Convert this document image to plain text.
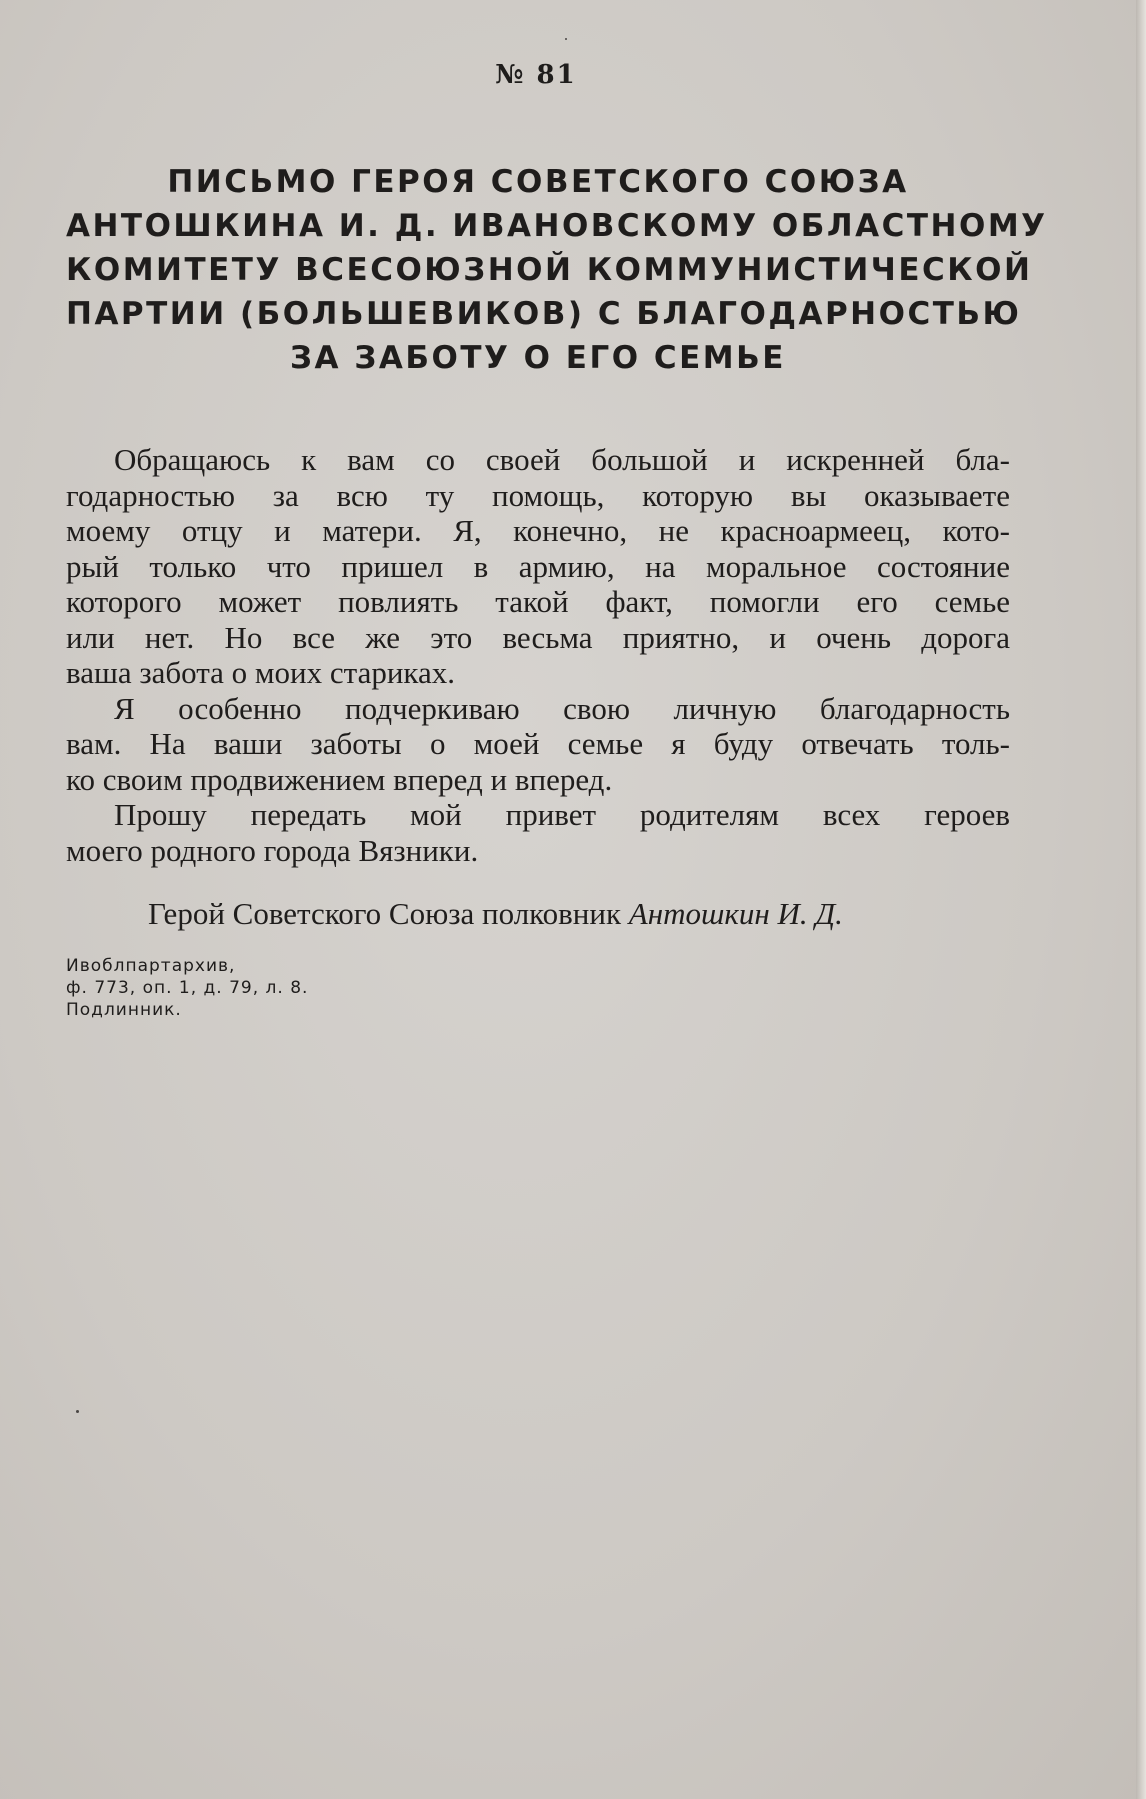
№ 81
ПИСЬМО ГЕРОЯ СОВЕТСКОГО СОЮЗА
АНТОШКИНА И. Д. ИВАНОВСКОМУ ОБЛАСТНОМУ
КОМИТЕТУ ВСЕСОЮЗНОЙ КОММУНИСТИЧЕСКОЙ
ПАРТИИ (БОЛЬШЕВИКОВ) С БЛАГОДАРНОСТЬЮ
ЗА ЗАБОТУ О ЕГО СЕМЬЕ
Обращаюсь к вам со своей большой и искренней бла-
годарностью за всю ту помощь, которую вы оказываете
моему отцу и матери. Я, конечно, не красноармеец, кото-
рый только что пришел в армию, на моральное состояние
которого может повлиять такой факт, помогли его семье
или нет. Но все же это весьма приятно, и очень дорога
ваша забота о моих стариках.
Я особенно подчеркиваю свою личную благодарность
вам. На ваши заботы о моей семье я буду отвечать толь-
ко своим продвижением вперед и вперед.
Прошу передать мой привет родителям всех героев
моего родного города Вязники.
Герой Советского Союза полковник Антошкин И. Д.
Ивоблпартархив,
ф. 773, оп. 1, д. 79, л. 8.
Подлинник.
